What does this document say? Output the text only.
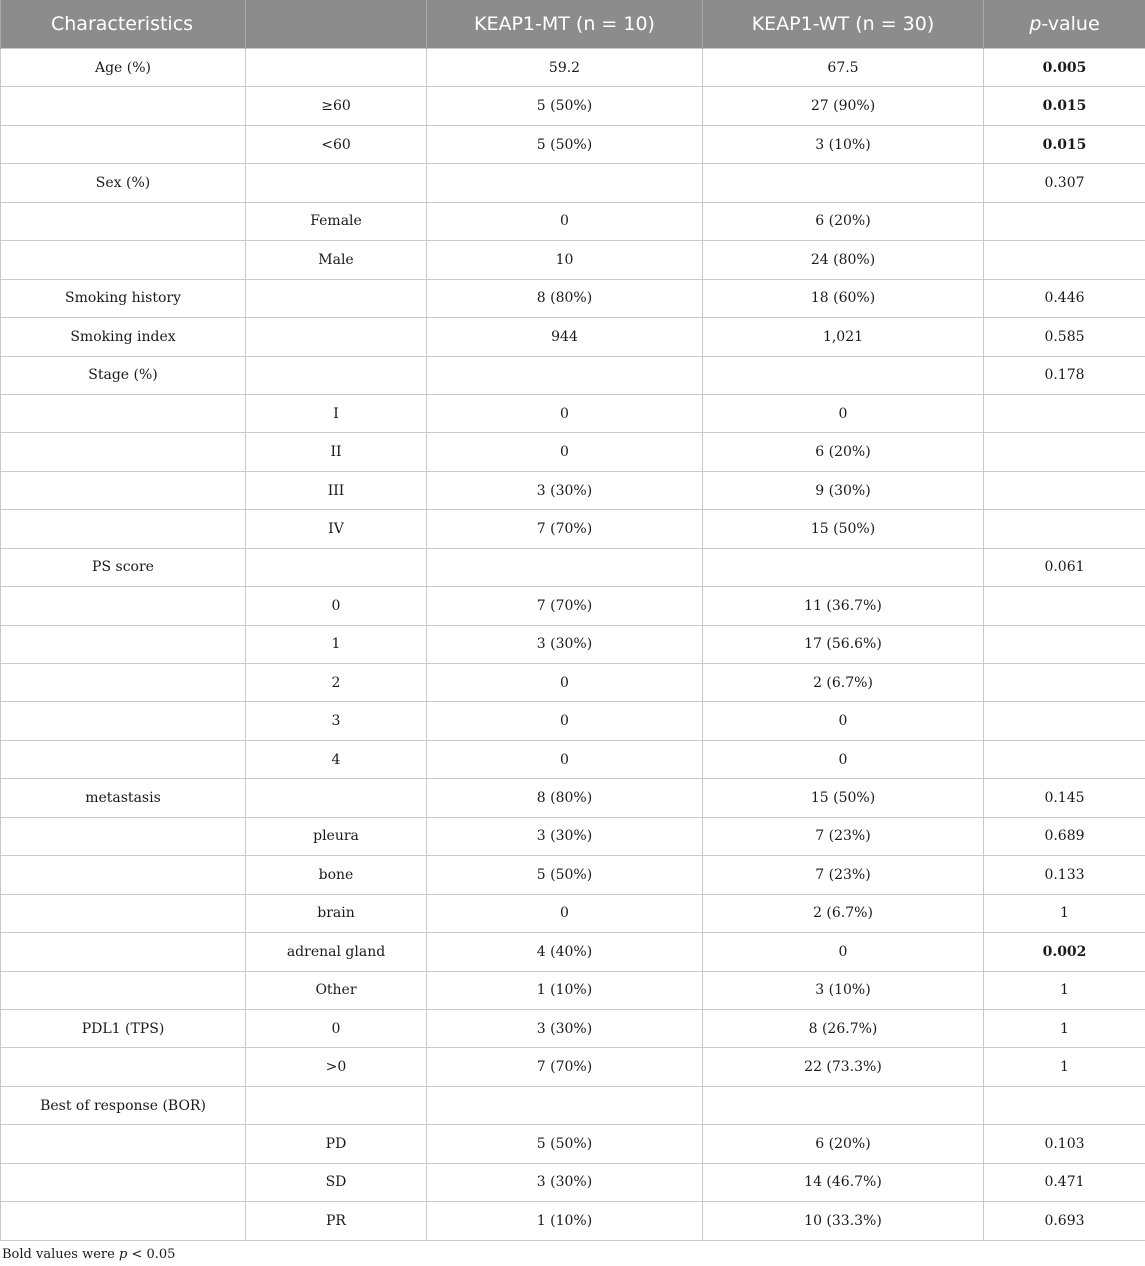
Characteristics		KEAP1-MT (n = 10)	KEAP1-WT (n = 30)	p-value
Age (%)		59.2	67.5	0.005
	≥60	5 (50%)	27 (90%)	0.015
	<60	5 (50%)	3 (10%)	0.015
Sex (%)				0.307
	Female	0	6 (20%)	
	Male	10	24 (80%)	
Smoking history		8 (80%)	18 (60%)	0.446
Smoking index		944	1,021	0.585
Stage (%)				0.178
	I	0	0	
	II	0	6 (20%)	
	III	3 (30%)	9 (30%)	
	IV	7 (70%)	15 (50%)	
PS score				0.061
	0	7 (70%)	11 (36.7%)	
	1	3 (30%)	17 (56.6%)	
	2	0	2 (6.7%)	
	3	0	0	
	4	0	0	
metastasis		8 (80%)	15 (50%)	0.145
	pleura	3 (30%)	7 (23%)	0.689
	bone	5 (50%)	7 (23%)	0.133
	brain	0	2 (6.7%)	1
	adrenal gland	4 (40%)	0	0.002
	Other	1 (10%)	3 (10%)	1
PDL1 (TPS)	0	3 (30%)	8 (26.7%)	1
	>0	7 (70%)	22 (73.3%)	1
Best of response (BOR)				
	PD	5 (50%)	6 (20%)	0.103
	SD	3 (30%)	14 (46.7%)	0.471
	PR	1 (10%)	10 (33.3%)	0.693
Bold values were p < 0.05
